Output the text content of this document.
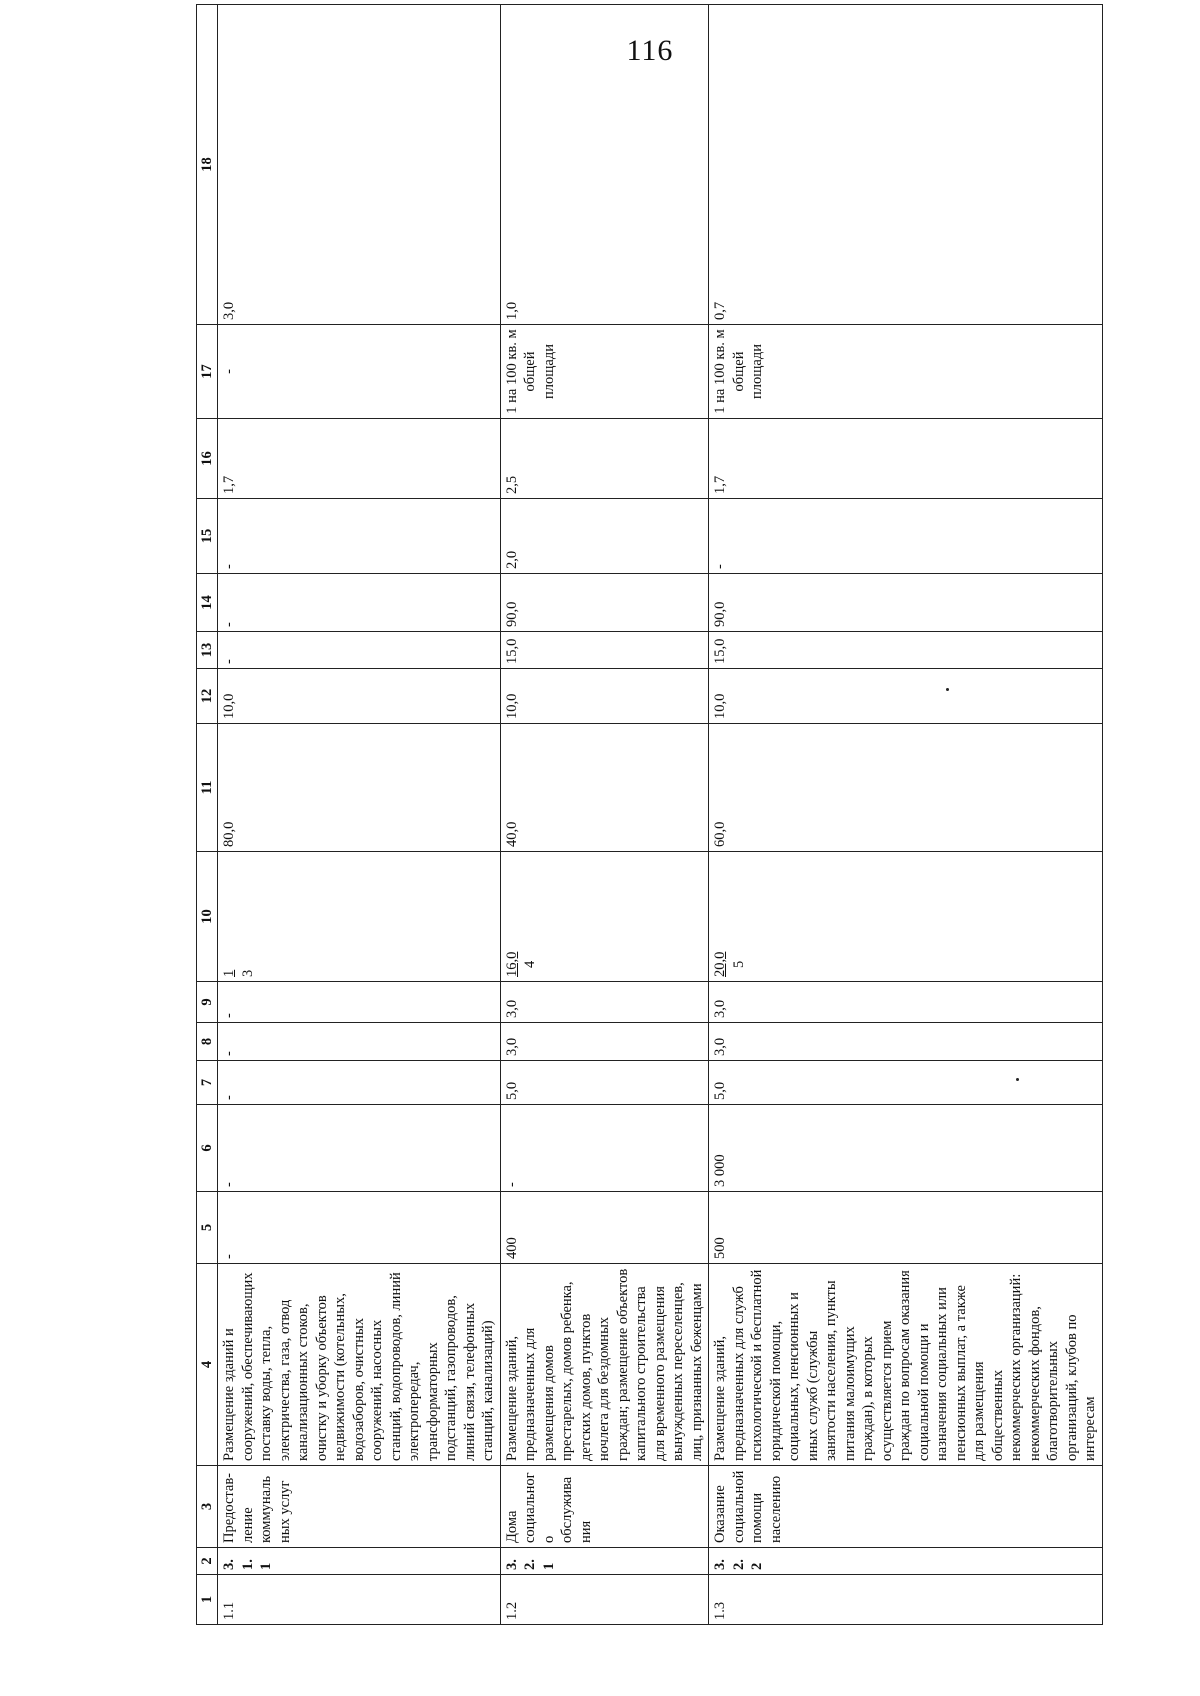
116
1	2	3	4	5	6	7	8	9	10	11	12	13	14	15	16	17	18
1.1	3.1.1	Предостав-ление коммунальных услуг	Размещение зданий и сооружений, обеспечивающих поставку воды, тепла, электричества, газа, отвод канализационных стоков, очистку и уборку объектов недвижимости (котельных, водозаборов, очистных сооружений, насосных станций, водопроводов, линий электропередач, трансформаторных подстанций, газопроводов, линий связи, телефонных станций, канализаций)	-	-	-	-	-	1 3	80,0	10,0	-	-	-	1,7	-	3,0
1.2	3.2.1	Дома социального обслуживания	Размещение зданий, предназначенных для размещения домов престарелых, домов ребенка, детских домов, пунктов ночлега для бездомных граждан; размещение объектов капитального строительства для временного размещения вынужденных переселенцев, лиц, признанных беженцами	400	-	5,0	3,0	3,0	16,0 4	40,0	10,0	15,0	90,0	2,0	2,5	1 на 100 кв. м общей площади	1,0
1.3	3.2.2	Оказание социальной помощи населению	Размещение зданий, предназначенных для служб психологической и бесплатной юридической помощи, социальных, пенсионных и иных служб (службы занятости населения, пункты питания малоимущих граждан), в которых осуществляется прием граждан по вопросам оказания социальной помощи и назначения социальных или пенсионных выплат, а также для размещения общественных некоммерческих организаций: некоммерческих фондов, благотворительных организаций, клубов по интересам	500	3 000	5,0	3,0	3,0	20,0 5	60,0	10,0	15,0	90,0	-	1,7	1 на 100 кв. м общей площади	0,7
